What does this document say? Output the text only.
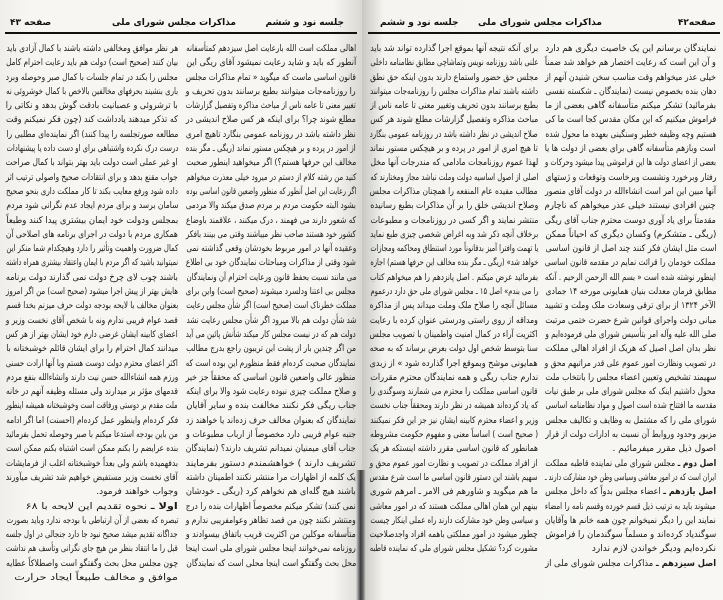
جلسه نود و ششم
مذاکرات مجلس شورای ملی
صفحه ۴۳
اهالی مملکت است الله بارعایت اصل سیزدهم کمتأسفانه
آنطور که باید و شاید رعایت نمیشود آقای ریگی این
قانون اساسی ماست که میگوید « تمام مذاکرات مجلس
را روزنامه‌جات میتوانند بطبع برسانند بدون تحریف و
تغییر معنی تا عامه ناس از مباحث مذاکره وتفصیل گزارشات
مطلع شوند چرا؟ برای اینکه هر کس صلاح اندیشی در
نظر داشته باشد در روزنامه عمومی بنگارد تاهیچ امری
از امور در پرده و بر هیچکس مستور نماند (ریگی ـ مگر بنده
مخالف این حرفها هستم؟) اگر میخواهید اینطور صحبت
کنید من رشته کلام از دستم در میرود خیلی معذرت میخواهم
اگر رعایت این اصل آنطور که منظور واضعین قانون اساسی بوده
بشود البته حکومت مردم بر مردم صدق میکند والا مردمی
که شعور دارند می فهمند ، درک میکنند ، علاقمند باوضاع
کشور خود هستند صاحب نظر میباشند وقتی می بینند بافکر
وعقیده آنها در امور مربوط بخودشان وقعی گذاشته نمی
شود وقتی از مذاکرات ومباحثات نمایندگان خود بی اطلاع
می مانند نسبت بحفظ قانون ورعایت احترام آن ونمایندگان
مجلس بی اعتنا ودلسرد میشوند (صحیح است) واین برای
مملکت خطرناک است (صحیح است) اگر شأن مجلس رعایت
شد شأن دولت هم بالا میرود اگر شأن مجلس رعایت نشد
دولت هم که در نیست مجلس کار میکند شأنش پائین می آید
من اگر چندین بار از پشت این تریبون راجع بدرج مطالب
نمایندگان صحبت کرده‌ام فقط منظورم این بوده است که
منظور عالی واضعین قانون اساسی که محققاً جز خیر
و صلاح مملکت چیزی نبوده رعایت شود والا برای اینکه
جناب ریگی فکر نکنند مخالفت بنده و سایر آقایان
نمایندگان که بعنوان مخالف حرف زده‌اند یا خواهند زد
جنبه عوام فریبی دارد مخصوصاً از ارباب مطبوعات و
جناب آقای میمنیان نمیدانم تشریف دارند؟ (نمایندگان
تشریف دارند ) خواهشمندم دستور بفرمایند
یک کلمه از اظهارات مرا منتشر نکنند اطمینان داشته
باشند هیچ گله‌ای هم نخواهم کرد (ریگی ـ خودشان
نمی کنند) تشکر میکنم مخصوصاً اظهارات بنده را درج
ومنتشر نکنند چون من قصد تظاهر وعوامفریبی ندارم و
متأسفانه موکلین من اکثریت قریب باتفاق بیسوادند و
روزنامه نمی‌خوانند اینجا مجلس شورای ملی است اینجا
محل بحث وگفتگو است اینجا محلی است که نمایندگان
هر نظر موافق ومخالفی داشته باشند با کمال آزادی باید
بیان کنند (صحیح است) دولت هم باید رعایت احترام کامل
مجلس را بکند در تمام جلسات با کمال صبر وحوصله وبرد
باری بنشیند بحرفهای مخالفین بالاخص با کمال خوشروئی نه
با ترشروئی و عصبانیت بادقت گوش بدهد و نکاتی را
که تذکر میدهند یادداشت کند (چون فکر نمیکنم وقت
مطالعه صورتجلسه را پیدا کنند) اگر نماینده‌ای مطلبی را
درست درک نکرده واشتباهی برای او دست داده یا پیشنهادات
او غیر عملی است دولت باید بهتر بتواند با کمال صراحت
جواب مقنع بدهد و برای انتقادات صحیح واصولی ترتیب اثر
داده شود ورفع معایب بکند تا کار مملکت داری بنحو صحیح
سامان برسد و برای مردم ایجاد عدم نگرانی شود مردم
بمجلس ودولت خود ایمان بیشتری پیدا کنند وطبعاً
همکاری مردم با دولت در اجرای برنامه های اصلاحی آن
کمال ضرورت واهمیت وتأثیر را دارد وهیچکدام شما منکر این
نمیتوانید باشید که اگر مردم با ایمان واعتقاد بیشتری همراه داشته
باشند چوب لای چرخ دولت نمی گذارند دولت برنامه
هایش بهتر از پیش اجرا میشود (صحیح است) من اگر امروز
بعنوان مخالف با لایحه بودجه دولت حرف میزنم بخدا قسم
قصد عوام فریبی ندارم ونه با شخص آقای نخست وزیر و
اعضای کابینه ایشان غرضی دارم خود ایشان بهتر از هر کس
میدانند کمال احترام را برای ایشان قائلم خوشبختانه با
اکثر اعضای محترم دولت دوست هستم وبا آنها ارادت حسنی
ورزم همه انشاءالله حسن نیت دارند وانشاءالله بنفع مردم
قدمهای مؤثر بر میدارند ولی مسئله وظیفه آنهم در خانه
ملت مقدم بر دوستی ورفاقت است وخوشبختانه همیشه اینطور
فکر کرده‌ام واینطور عمل کرده‌ام (احسنت) اما اگر ادامه
من باین بودجه استدعا میکنم با صبر وحوصله تحمل بفرمائید
بنده عرایضم را بکنم ممکن است اشتباه بکنم ممکن است
بدفهمیده باشم ولی بعداً خوشبختانه اغلب از فرمایشات
آقای نخست وزیر مستفیض خواهیم شد تشریف میآورند
وجواب خواهند فرمود.
اولا ـ نحوه تقدیم این لایحه با ۶۸
تبصره که بعضی از آن ارتباطی با بودجه ندارد وباید بصورت
جداگانه تقدیم میشد صحیح نبود جا دارد جنجالی در اول جلسه
قبل را ما انتقاد بنظر من هیچ جای نگرانی وتأسف هم نداشت
چون مجلس محل بحث وگفتگو است واصطلاکاً عطایه
موافق و مخالف طبیعاً ایجاد حرارت
صفحه۴۲
مذاکرات مجلس شورای ملی
جلسه نود و ششم
نمایندگان برسانم این یک خاصیت دیگری هم دارد
و آن این است که رعایت اختصار هم خواهد شد ضمناً
خیلی عذر میخواهم وقت مناسب سخن شنیدن آنهم از
دهان بنده بخصوص نیست (نمایندگان ـ شکسته نفسی
بفرمائید) تشکر میکنم متأسفانه گاهی بعضی از ما
فراموش میکنیم که این مکان مقدس کجا است ما کی
هستیم وچه وظیفه خطیر وسنگینی بعهده ما محول شده
است وبازهم متأسفانه گاهی برای بعضی از دولت ها یا
بعضی از اعضای دولت ها این فراموشی پیدا میشود وحرکات و
رفتار وبرخورد ونشست وبرخاست وتوقعات و ژستهای
آنها مبین این امر است انشاءالله در دولت آقای منصور
چنین افرادی نیستند خیلی عذر میخواهم که ناچارم
مقدمتاً برای یاد آوری دوست محترم جناب آقای ریگی
(ریگی ـ متشکرم) وکسان دیگری که احیاناً ممکن
است مثل ایشان فکر کنند چند اصل از قانون اساسی
مملکت خودمان را قرائت نمایم در مقدمه قانون اساسی
اینطور نوشته شده است « بسم الله الرحمن الرحیم . آنکه
مطابق فرمان معدلت بنیان همایونی مورخه ۱۴ جمادی
الآخر ۱۳۲۴ از برای ترقی وسعادت ملک وملت و تشیید
مبانی دولت واجرای قوانین شرع حضرت ختمی مرتبت
صلی الله علیه وآله امر بتأسیس شورای ملی فرموده‌ایم و
نظر بدان اصل اصیل که هریک از افراد اهالی مملکت
در تصویب ونظارت امور عموم علی قدر مراتبهم محق و
سهیمند تشخیص وتعیین اعضاء مجلس را بانتخاب ملت
محول داشتیم اینک که مجلس شورای ملی بر طبق نیات
مقدسه ما افتتاح شده است اصول و مواد نظامنامه اساسی
شورای ملی را که مشتمل به وظایف و تکالیف مجلس
مزبور وحدود وروابط آن نسبت به ادارات دولت از قرار
اصول ذیل مقرر میفرمائیم .
اصل دوم ـ مجلس شورای ملی نماینده قاطبه مملکت
ایران است که در امور معاشی وسیاسی وطن خود مشارکت دارند ـ
اصل یازدهم ـ اعضاء مجلس بدواً که داخل مجلس
میشوند باید به ترتیب ذیل قسم خورده وقسم نامه را امضاء
نمایند این را دیگر نمیخوانم چون همه خانم ها وآقایان
سوگندیاد کرده‌اند و مسلماً سوگندمان را فراموش
نکرده‌ایم ودیگر خواندن لازم ندارد
اصل سیزدهم ـ مذاکرات مجلس شورای ملی از
برای آنکه نتیجه آنها بموقع اجرا گذارده تواند شد باید
علنی باشد روزنامه نویس وتماشاچی مطابق نظامنامه داخلی
مجلس حق حضور واستماع دارند بدون اینکه حق نطق
داشته باشند تمام مذاکرات مجلس را روزنامه‌جات میتوانند
بطبع برسانند بدون تحریف وتغییر معنی تا عامه ناس از
مباحث مذاکره وتفصیل گزارشات مطلع شوند هر کس
صلاح اندیشی در نظر داشته باشد در روزنامه عمومی بنگارد
تا هیچ امری از امور در پرده و بر هیچکس مستور نماند
لهذا عموم روزنامجات مادامی که مندرجات آنها مخل
اصلی از اصول اساسیه دولت وملت نباشد مجاز ومختارند که
مطالب مفیده عام المنفعه را همچنان مذاکرات مجلس
وصلاح اندیشی خلق را بر آن مذاکرات بطبع رسانیده
منتشر نمایند و اگر کسی در روزنامجات و مطبوعات
برخلاف آنچه ذکر شد وبه اغراض شخصی چیزی طبع نماید
یا تهمت وافترا آمیز بدقانوناً مورد استنطاق ومحاکمه ومجازات
خواهد شد» (ریگی ـ مگر بنده مخالف این حرفها هستم) اجازه
بفرمائید عرض میکنم . اصل پانزدهم را هم میخواهم کتاب
را می بندم» اصل ۱۵ ـ مجلس شورای ملی حق دارد درعموم
مسائل آنچه را صلاح ملک وملت میداند پس از مذاکره
ومداقه از روی راستی ودرستی عنوان کرده با رعایت
اکثریت آراء در کمال امنیت واطمینان با تصویب مجلس
سنا بتوسط شخص اول دولت بعرض برساند که به صحه
همایونی موشح وبموقع اجرا گذارده شود » از زبدی
ندارم جناب ریگی و همه نمایندگان محترم مقررات
قانون اساسی مملکت را محترم می شمارند وسوگندی را
که یاد کرده‌اند همیشه در نظر دارند ومحققاً جناب نخست
وزیر و اعضاء محترم کابینه ایشان نیز جز این فکر نمیکنند
( صحیح است ) اساساً معنی و مفهوم حکومت مشروطه
همانطور که قانون اساسی مقرر داشته اینستکه هر یک
از افراد مملکت در تصویب و نظارت امور عموم محق و
سهیم باشند این دستور قانون اساسی ما است شرع مقدس
ما هم میگوید و شاورهم فی الامر ـ امرهم شوری
بینهم این همان اهالی مملکت هستند که در امور معاشی
و سیاسی وطن خود مشارکت دارند راه عملی اینکار چیست
چطور میشود در امور مملکتی باهمه افراد واجدصلاحیت
مشورت کرد؟ تشکیل مجلس شورای ملی که نماینده قاطبه
